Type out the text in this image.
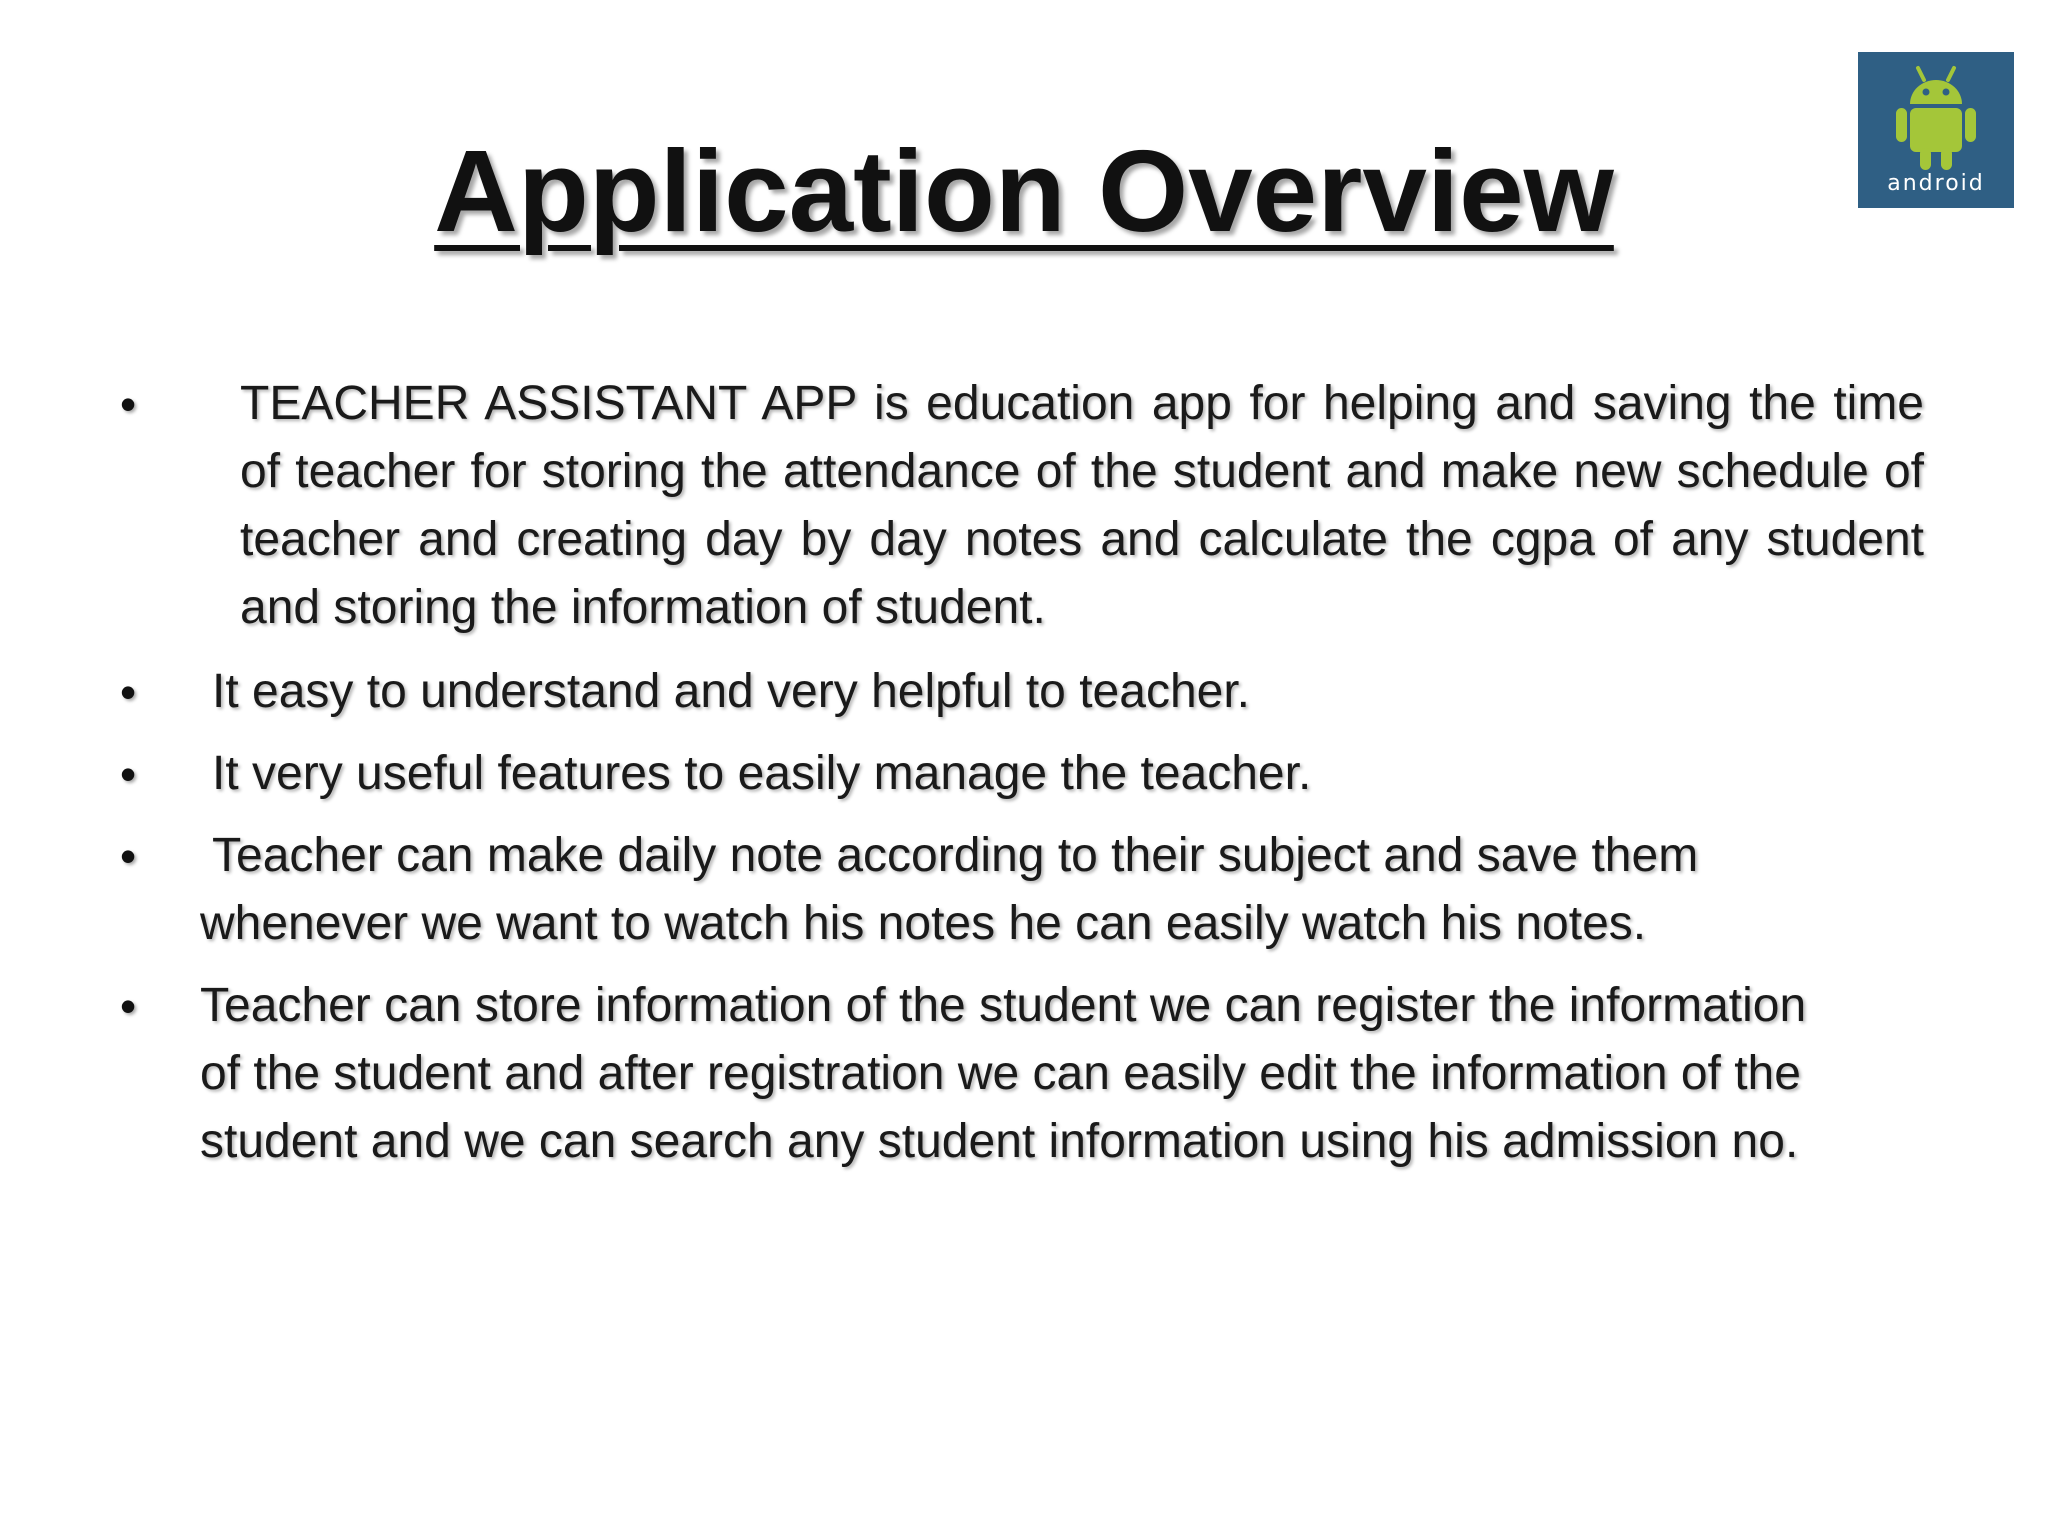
Application Overview	android
• TEACHER ASSISTANT APP is education app for helping and saving the time of teacher for storing the attendance of the student and make new schedule of teacher and creating day by day notes and calculate the cgpa of any student and storing the information of student.
• It easy to understand and very helpful to teacher.
• It very useful features to easily manage the teacher.
• Teacher can make daily note according to their subject and save them whenever we want to watch his notes he can easily watch his notes.
• Teacher can store information of the student we can register the information of the student and after registration we can easily edit the information of the student and we can search any student information using his admission no.
